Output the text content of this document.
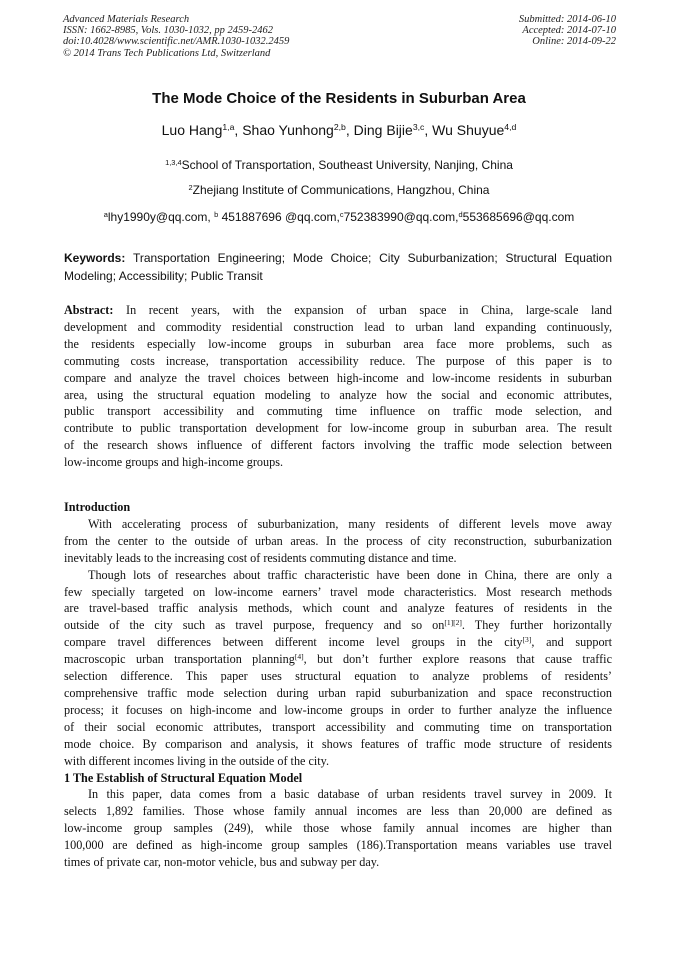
Advanced Materials Research
ISSN: 1662-8985, Vols. 1030-1032, pp 2459-2462
doi:10.4028/www.scientific.net/AMR.1030-1032.2459
© 2014 Trans Tech Publications Ltd, Switzerland
Submitted: 2014-06-10
Accepted: 2014-07-10
Online: 2014-09-22
The Mode Choice of the Residents in Suburban Area
Luo Hang$^{1,a}$, Shao Yunhong$^{2,b}$, Ding Bijie$^{3,c}$, Wu Shuyue$^{4,d}$
$^{1,3,4}$School of Transportation, Southeast University, Nanjing, China
$^2$Zhejiang Institute of Communications, Hangzhou, China
$^a$lhy1990y@qq.com, $^b$ 451887696 @qq.com,$^c$752383990@qq.com,$^d$553685696@qq.com
Keywords: Transportation Engineering; Mode Choice; City Suburbanization; Structural Equation
Modeling; Accessibility; Public Transit
Abstract: In recent years, with the expansion of urban space in China, large-scale land
development and commodity residential construction lead to urban land expanding continuously,
the residents especially low-income groups in suburban area face more problems, such as
commuting costs increase, transportation accessibility reduce. The purpose of this paper is to
compare and analyze the travel choices between high-income and low-income residents in suburban
area, using the structural equation modeling to analyze how the social and economic attributes,
public transport accessibility and commuting time influence on traffic mode selection, and
contribute to public transportation development for low-income group in suburban area. The result
of the research shows influence of different factors involving the traffic mode selection between
low-income groups and high-income groups.
Introduction
With accelerating process of suburbanization, many residents of different levels move away
from the center to the outside of urban areas. In the process of city reconstruction, suburbanization
inevitably leads to the increasing cost of residents commuting distance and time.
Though lots of researches about traffic characteristic have been done in China, there are only a
few specially targeted on low-income earners’ travel mode characteristics. Most research methods
are travel-based traffic analysis methods, which count and analyze features of residents in the
outside of the city such as travel purpose, frequency and so on[1][2]. They further horizontally
compare travel differences between different income level groups in the city[3], and support
macroscopic urban transportation planning[4], but don’t further explore reasons that cause traffic
selection difference. This paper uses structural equation to analyze problems of residents’
comprehensive traffic mode selection during urban rapid suburbanization and space reconstruction
process; it focuses on high-income and low-income groups in order to further analyze the influence
of their social economic attributes, transport accessibility and commuting time on transportation
mode choice. By comparison and analysis, it shows features of traffic mode structure of residents
with different incomes living in the outside of the city.
1 The Establish of Structural Equation Model
In this paper, data comes from a basic database of urban residents travel survey in 2009. It
selects 1,892 families. Those whose family annual incomes are less than 20,000 are defined as
low-income group samples (249), while those whose family annual incomes are higher than
100,000 are defined as high-income group samples (186).Transportation means variables use travel
times of private car, non-motor vehicle, bus and subway per day.
